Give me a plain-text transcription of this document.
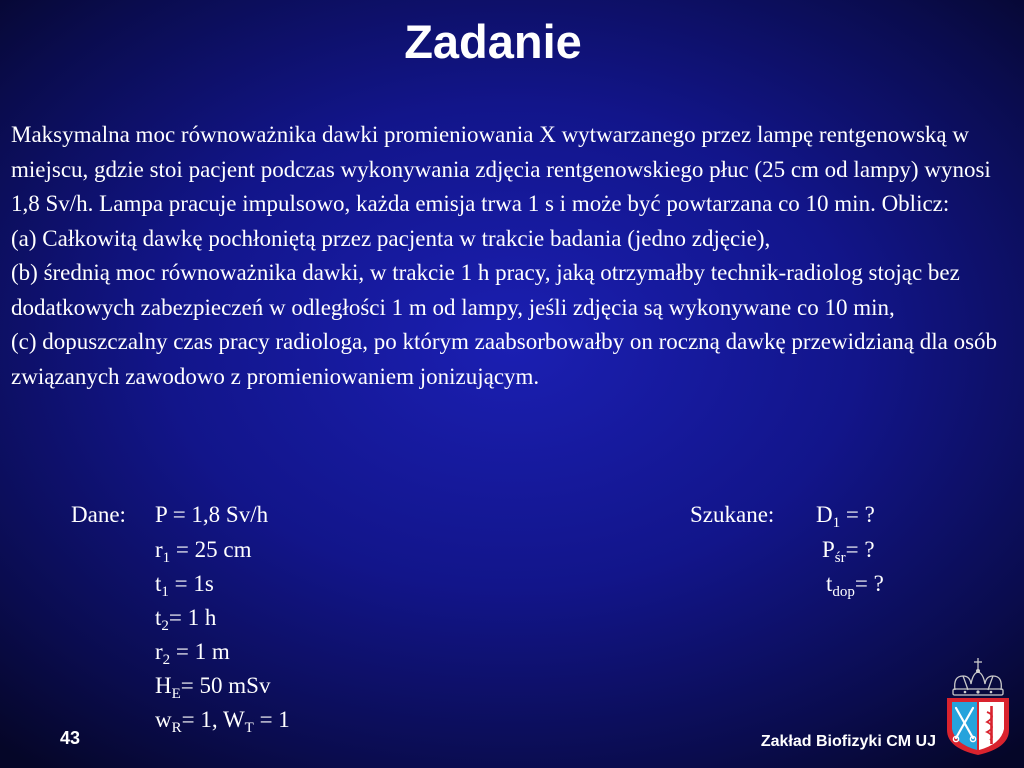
Zadanie

Maksymalna moc równoważnika dawki promieniowania X wytwarzanego przez lampę rentgenowską w miejscu, gdzie stoi pacjent podczas wykonywania zdjęcia rentgenowskiego płuc (25 cm od lampy) wynosi 1,8 Sv/h. Lampa pracuje impulsowo, każda emisja trwa 1 s i może być powtarzana co 10 min. Oblicz:

(a) Całkowitą dawkę pochłoniętą przez pacjenta w trakcie badania (jedno zdjęcie),

(b) średnią moc równoważnika dawki, w trakcie 1 h pracy, jaką otrzymałby technik-radiolog stojąc bez dodatkowych zabezpieczeń w odległości 1 m od lampy, jeśli zdjęcia są wykonywane co 10 min,

(c) dopuszczalny czas pracy radiologa, po którym zaabsorbowałby on roczną dawkę przewidzianą dla osób związanych zawodowo z promieniowaniem jonizującym.

Dane: P = 1,8 Sv/h
$r_1 = 25$ cm
$t_1 = 1s$
$t_2= 1$ h
$r_2 = 1$ m
$H_E= 50$ mSv
$w_R= 1$, $W_T = 1$
Szukane: $D_1$ = ?
$P_{śr}=$ ?
$t_{dop}=$ ?
43	Zakład Biofizyki CM UJ
